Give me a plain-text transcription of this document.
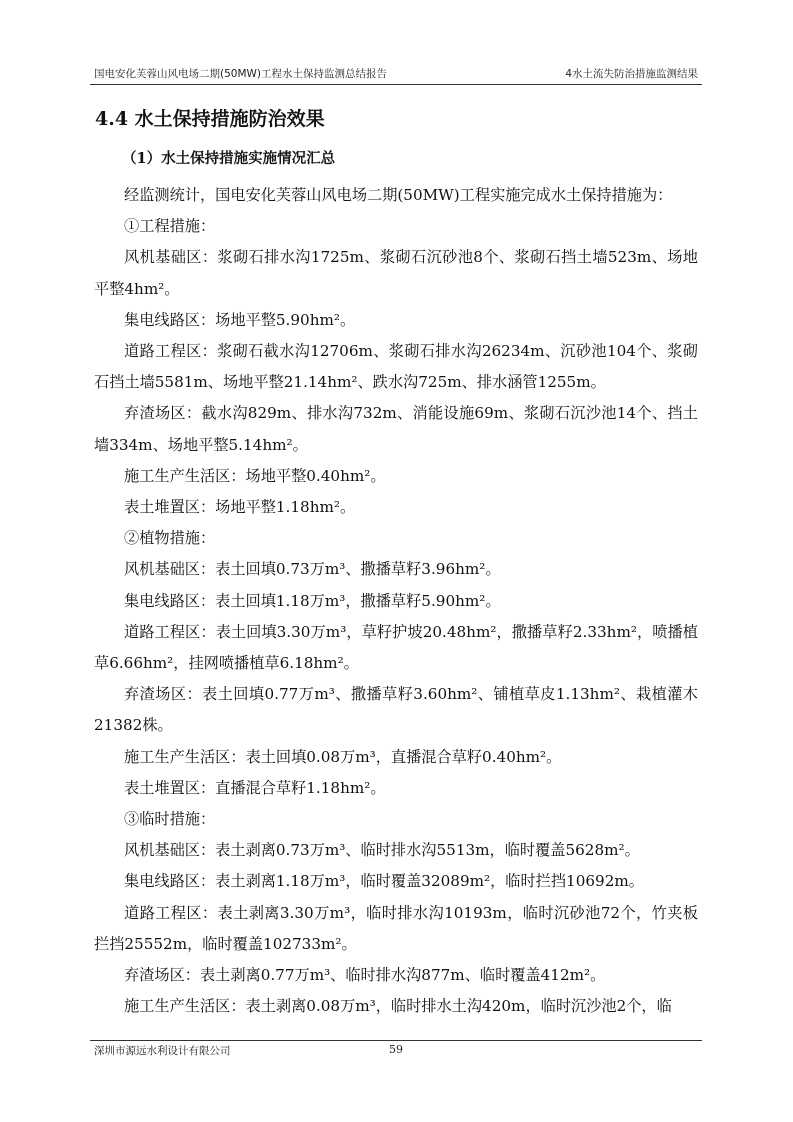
国电安化芙蓉山风电场二期(50MW)工程水土保持监测总结报告	4水土流失防治措施监测结果
4.4 水土保持措施防治效果
（1）水土保持措施实施情况汇总

经监测统计，国电安化芙蓉山风电场二期(50MW)工程实施完成水土保持措施为：

①工程措施：

风机基础区：浆砌石排水沟1725m、浆砌石沉砂池8个、浆砌石挡土墙523m、场地平整4hm²。

集电线路区：场地平整5.90hm²。

道路工程区：浆砌石截水沟12706m、浆砌石排水沟26234m、沉砂池104个、浆砌石挡土墙5581m、场地平整21.14hm²、跌水沟725m、排水涵管1255m。

弃渣场区：截水沟829m、排水沟732m、消能设施69m、浆砌石沉沙池14个、挡土墙334m、场地平整5.14hm²。

施工生产生活区：场地平整0.40hm²。

表土堆置区：场地平整1.18hm²。

②植物措施：

风机基础区：表土回填0.73万m³、撒播草籽3.96hm²。

集电线路区：表土回填1.18万m³，撒播草籽5.90hm²。

道路工程区：表土回填3.30万m³，草籽护坡20.48hm²，撒播草籽2.33hm²，喷播植草6.66hm²，挂网喷播植草6.18hm²。

弃渣场区：表土回填0.77万m³、撒播草籽3.60hm²、铺植草皮1.13hm²、栽植灌木21382株。

施工生产生活区：表土回填0.08万m³，直播混合草籽0.40hm²。

表土堆置区：直播混合草籽1.18hm²。

③临时措施：

风机基础区：表土剥离0.73万m³、临时排水沟5513m，临时覆盖5628m²。

集电线路区：表土剥离1.18万m³，临时覆盖32089m²，临时拦挡10692m。

道路工程区：表土剥离3.30万m³，临时排水沟10193m，临时沉砂池72个，竹夹板拦挡25552m，临时覆盖102733m²。

弃渣场区：表土剥离0.77万m³、临时排水沟877m、临时覆盖412m²。

施工生产生活区：表土剥离0.08万m³，临时排水土沟420m，临时沉沙池2个，临

深圳市源远水利设计有限公司	59
